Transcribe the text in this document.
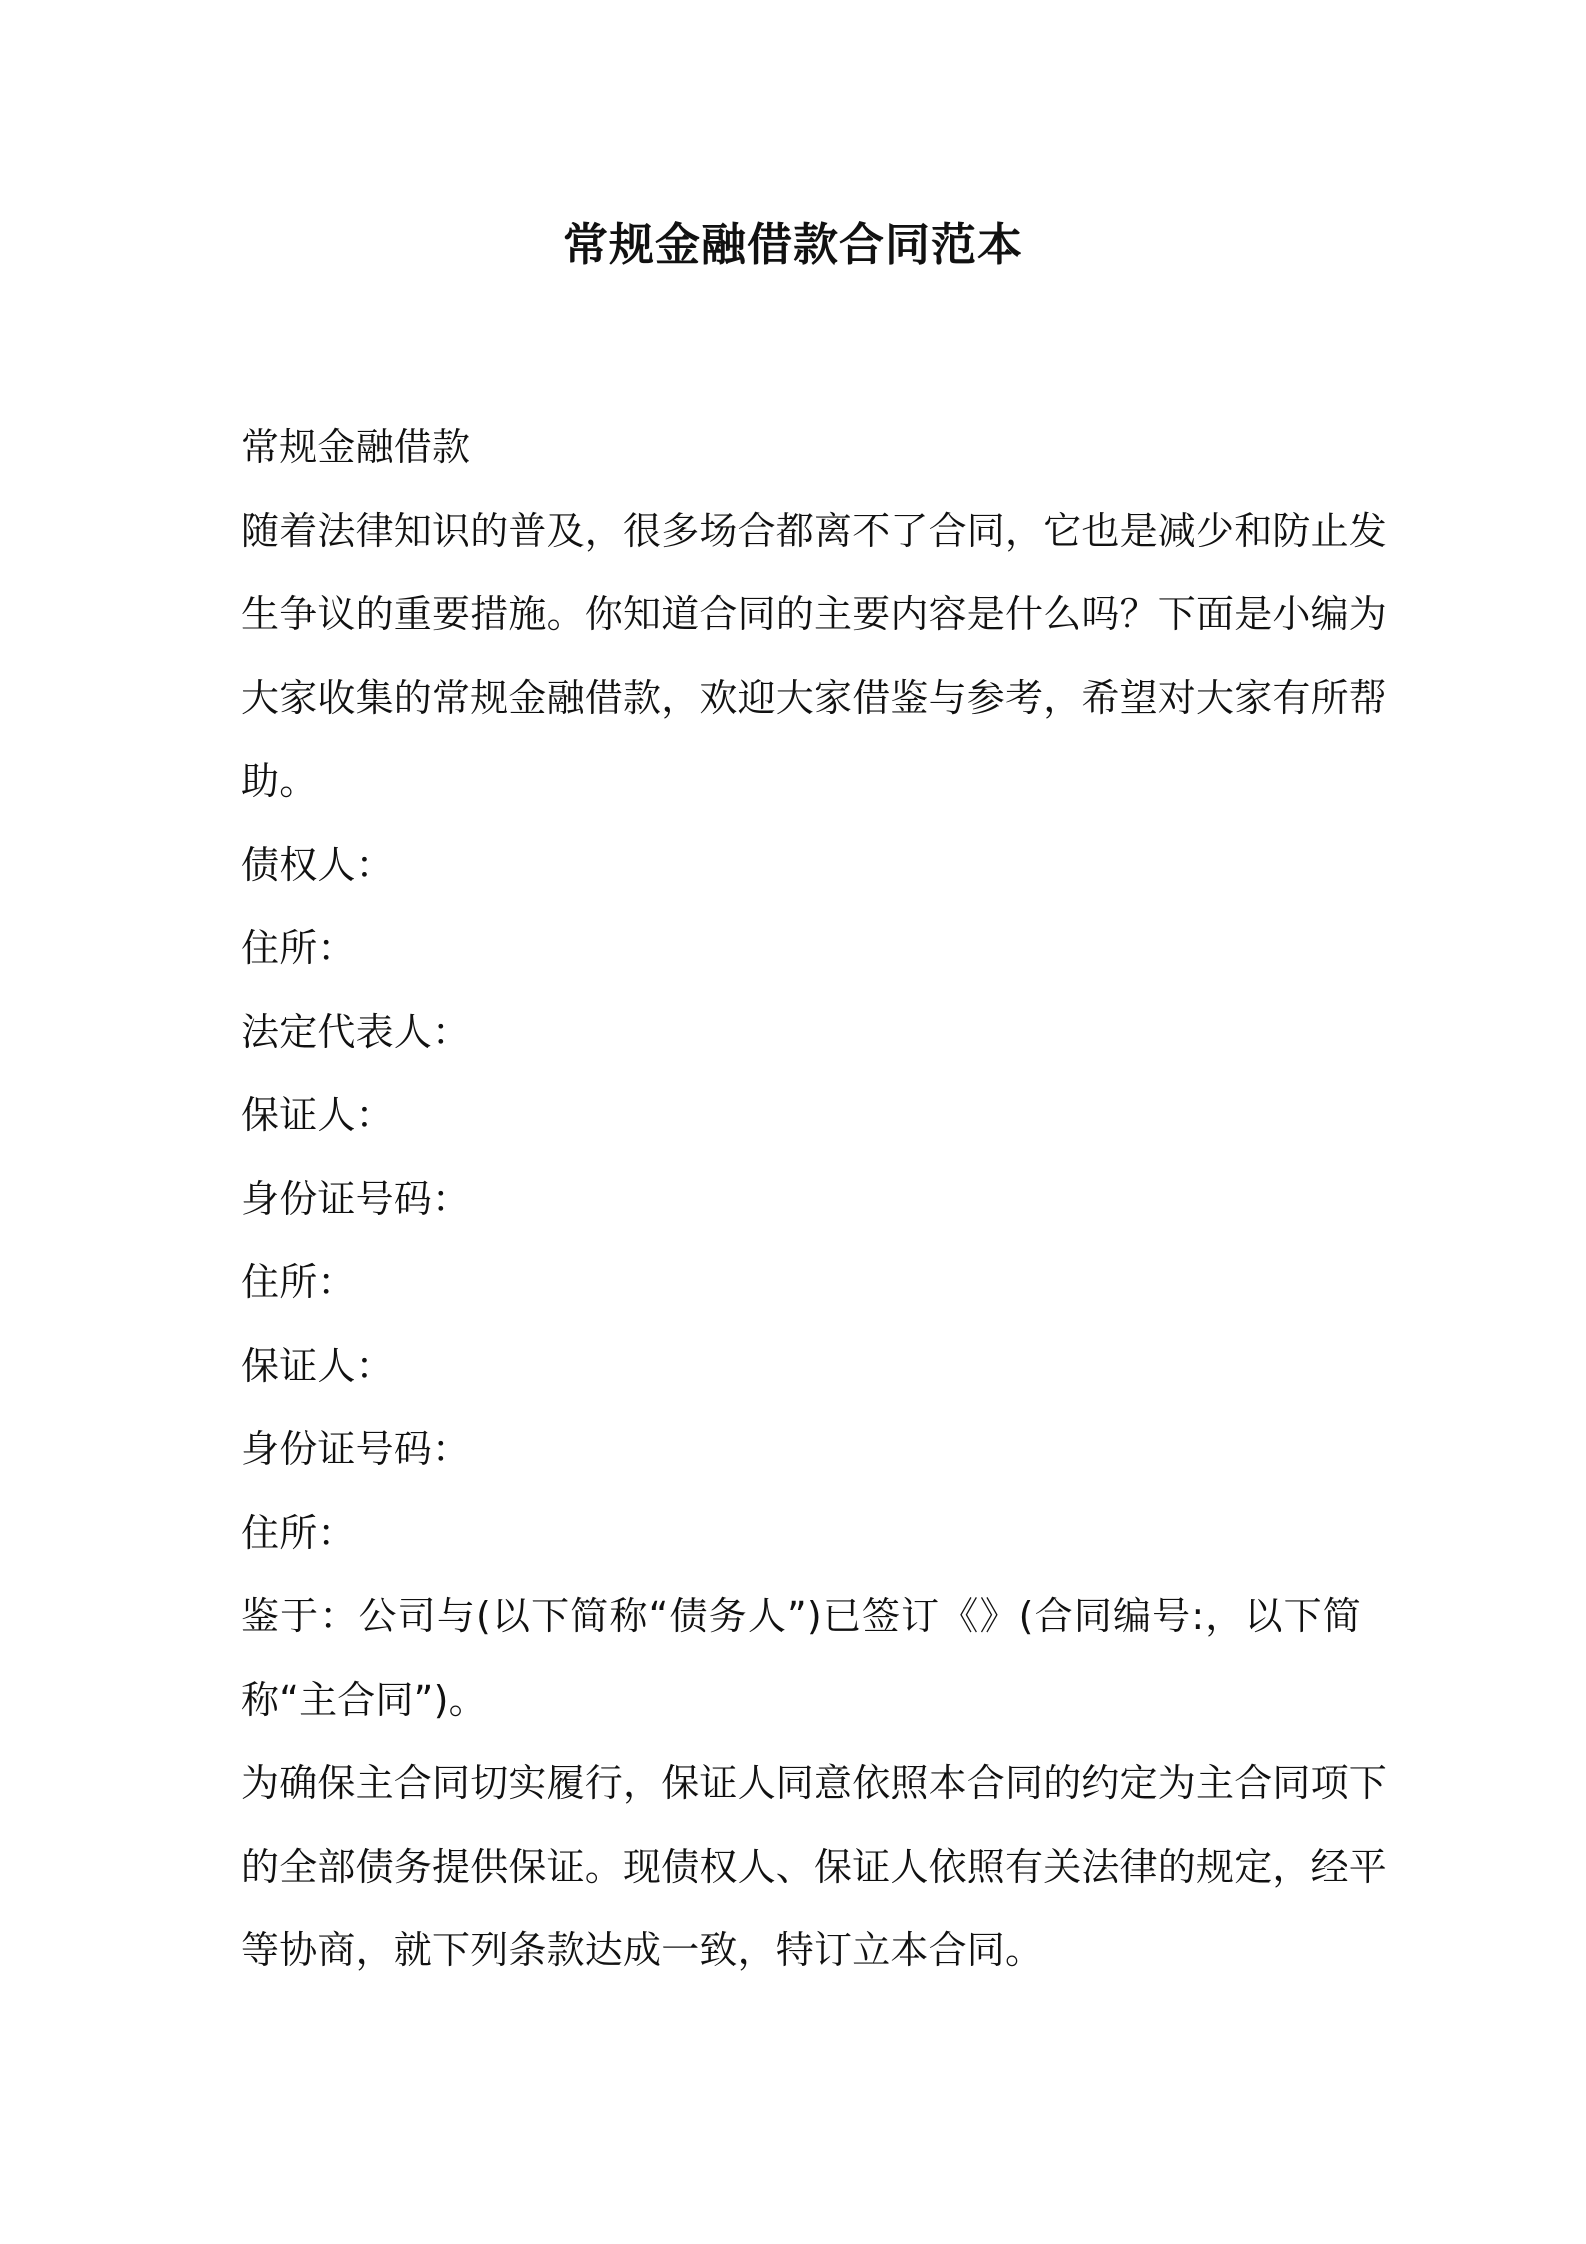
常规金融借款合同范本
常规金融借款
随着法律知识的普及，很多场合都离不了合同，它也是减少和防止发
生争议的重要措施。你知道合同的主要内容是什么吗？下面是小编为
大家收集的常规金融借款，欢迎大家借鉴与参考，希望对大家有所帮
助。
债权人：
住所：
法定代表人：
保证人：
身份证号码：
住所：
保证人：
身份证号码：
住所：
鉴于：公司与(以下简称“债务人”)已签订《》(合同编号:，以下简
称“主合同”)。
为确保主合同切实履行，保证人同意依照本合同的约定为主合同项下
的全部债务提供保证。现债权人、保证人依照有关法律的规定，经平
等协商，就下列条款达成一致，特订立本合同。
